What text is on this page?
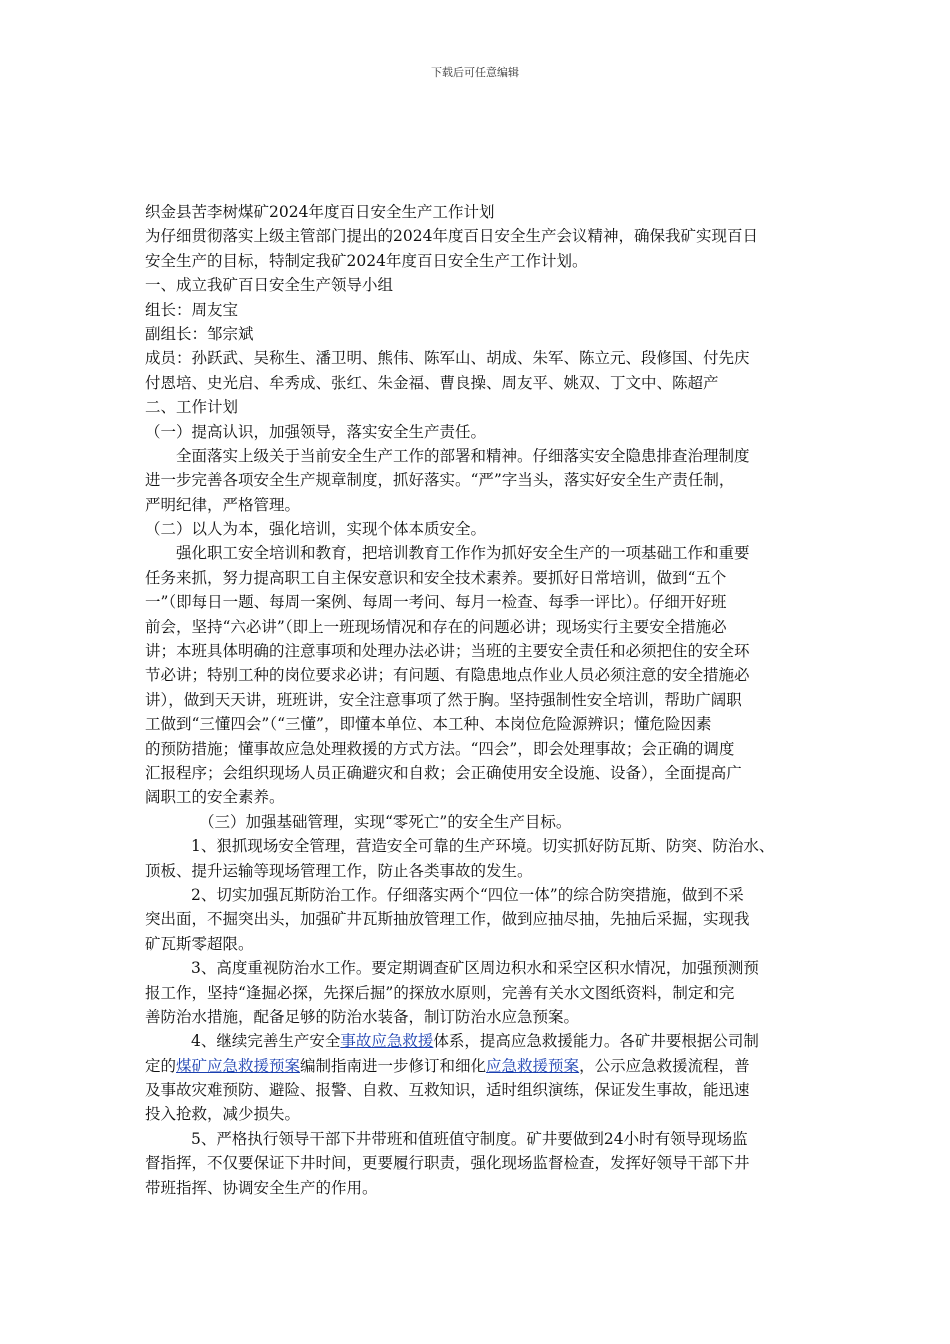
下载后可任意编辑
织金县苦李树煤矿2024年度百日安全生产工作计划
为仔细贯彻落实上级主管部门提出的2024年度百日安全生产会议精神，确保我矿实现百日
安全生产的目标，特制定我矿2024年度百日安全生产工作计划。
一、成立我矿百日安全生产领导小组
组长：周友宝
副组长：邹宗斌
成员：孙跃武、吴称生、潘卫明、熊伟、陈军山、胡成、朱军、陈立元、段修国、付先庆
付恩培、史光启、牟秀成、张红、朱金福、曹良操、周友平、姚双、丁文中、陈超产
二、工作计划
（一）提高认识，加强领导，落实安全生产责任。
全面落实上级关于当前安全生产工作的部署和精神。仔细落实安全隐患排查治理制度
进一步完善各项安全生产规章制度，抓好落实。“严”字当头，落实好安全生产责任制，
严明纪律，严格管理。
（二）以人为本，强化培训，实现个体本质安全。
强化职工安全培训和教育，把培训教育工作作为抓好安全生产的一项基础工作和重要
任务来抓，努力提高职工自主保安意识和安全技术素养。要抓好日常培训，做到“五个
一”（即每日一题、每周一案例、每周一考问、每月一检查、每季一评比）。仔细开好班
前会，坚持“六必讲”（即上一班现场情况和存在的问题必讲；现场实行主要安全措施必
讲；本班具体明确的注意事项和处理办法必讲；当班的主要安全责任和必须把住的安全环
节必讲；特别工种的岗位要求必讲；有问题、有隐患地点作业人员必须注意的安全措施必
讲），做到天天讲，班班讲，安全注意事项了然于胸。坚持强制性安全培训，帮助广阔职
工做到“三懂四会”（“三懂”，即懂本单位、本工种、本岗位危险源辨识；懂危险因素
的预防措施；懂事故应急处理救援的方式方法。“四会”，即会处理事故；会正确的调度
汇报程序；会组织现场人员正确避灾和自救；会正确使用安全设施、设备），全面提高广
阔职工的安全素养。
（三）加强基础管理，实现“零死亡”的安全生产目标。
1、狠抓现场安全管理，营造安全可靠的生产环境。切实抓好防瓦斯、防突、防治水、
顶板、提升运输等现场管理工作，防止各类事故的发生。
2、切实加强瓦斯防治工作。仔细落实两个“四位一体”的综合防突措施，做到不采
突出面，不掘突出头，加强矿井瓦斯抽放管理工作，做到应抽尽抽，先抽后采掘，实现我
矿瓦斯零超限。
3、高度重视防治水工作。要定期调查矿区周边积水和采空区积水情况，加强预测预
报工作，坚持“逢掘必探，先探后掘”的探放水原则，完善有关水文图纸资料，制定和完
善防治水措施，配备足够的防治水装备，制订防治水应急预案。
4、继续完善生产安全事故应急救援体系，提高应急救援能力。各矿井要根据公司制
定的煤矿应急救援预案编制指南进一步修订和细化应急救援预案，公示应急救援流程，普
及事故灾难预防、避险、报警、自救、互救知识，适时组织演练，保证发生事故，能迅速
投入抢救，减少损失。
5、严格执行领导干部下井带班和值班值守制度。矿井要做到24小时有领导现场监
督指挥，不仅要保证下井时间，更要履行职责，强化现场监督检查，发挥好领导干部下井
带班指挥、协调安全生产的作用。
